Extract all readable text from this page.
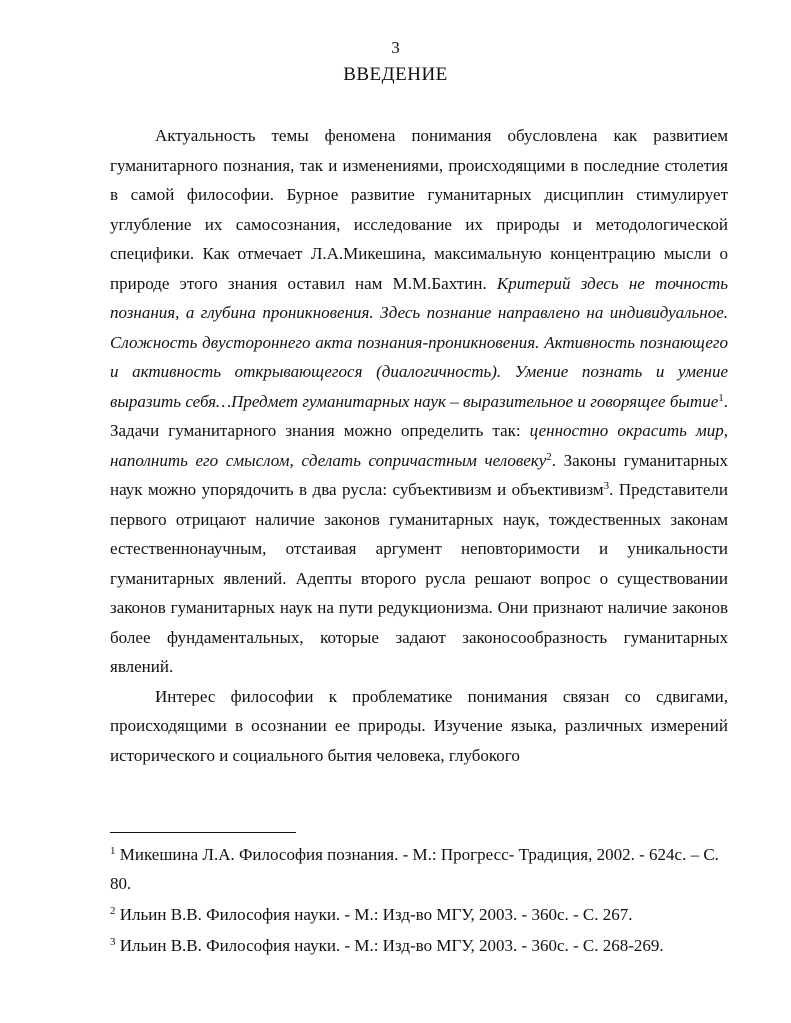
3
ВВЕДЕНИЕ

Актуальность темы феномена понимания обусловлена как развитием гуманитарного познания, так и изменениями, происходящими в последние столетия в самой философии. Бурное развитие гуманитарных дисциплин стимулирует углубление их самосознания, исследование их природы и методологической специфики. Как отмечает Л.А.Микешина, максимальную концентрацию мысли о природе этого знания оставил нам М.М.Бахтин. Критерий здесь не точность познания, а глубина проникновения. Здесь познание направлено на индивидуальное. Сложность двустороннего акта познания-проникновения. Активность познающего и активность открывающегося (диалогичность). Умение познать и умение выразить себя…Предмет гуманитарных наук – выразительное и говорящее бытие$^1$. Задачи гуманитарного знания можно определить так: ценностно окрасить мир, наполнить его смыслом, сделать сопричастным человеку$^2$. Законы гуманитарных наук можно упорядочить в два русла: субъективизм и объективизм$^3$. Представители первого отрицают наличие законов гуманитарных наук, тождественных законам естественнонаучным, отстаивая аргумент неповторимости и уникальности гуманитарных явлений. Адепты второго русла решают вопрос о существовании законов гуманитарных наук на пути редукционизма. Они признают наличие законов более фундаментальных, которые задают законосообразность гуманитарных явлений.

Интерес философии к проблематике понимания связан со сдвигами, происходящими в осознании ее природы. Изучение языка, различных измерений исторического и социального бытия человека, глубокого

$^1$ Микешина Л.А. Философия познания. - М.: Прогресс- Традиция, 2002. - 624с. – С. 80.

$^2$ Ильин В.В. Философия науки. - М.: Изд-во МГУ, 2003. - 360с. - С. 267.

$^3$ Ильин В.В. Философия науки. - М.: Изд-во МГУ, 2003. - 360с. - С. 268-269.
